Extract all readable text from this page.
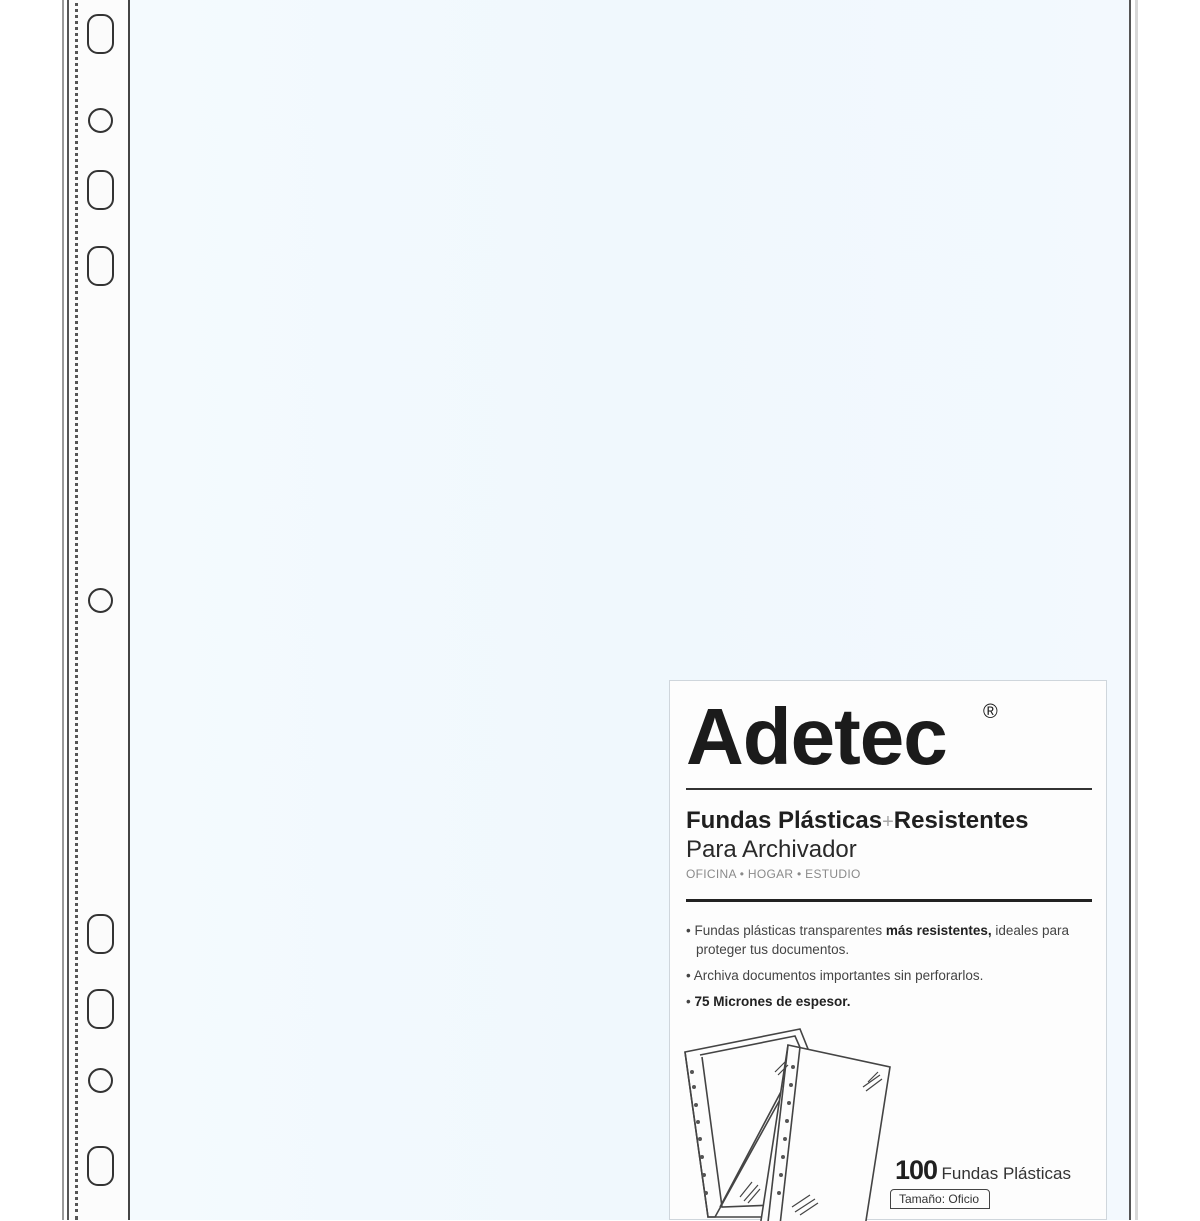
Adetec ®
Fundas Plásticas+Resistentes
Para Archivador
OFICINA • HOGAR • ESTUDIO

• Fundas plásticas transparentes más resistentes, ideales para proteger tus documentos.

• Archiva documentos importantes sin perforarlos.

• 75 Micrones de espesor.

100 Fundas Plásticas
Tamaño: Oficio
